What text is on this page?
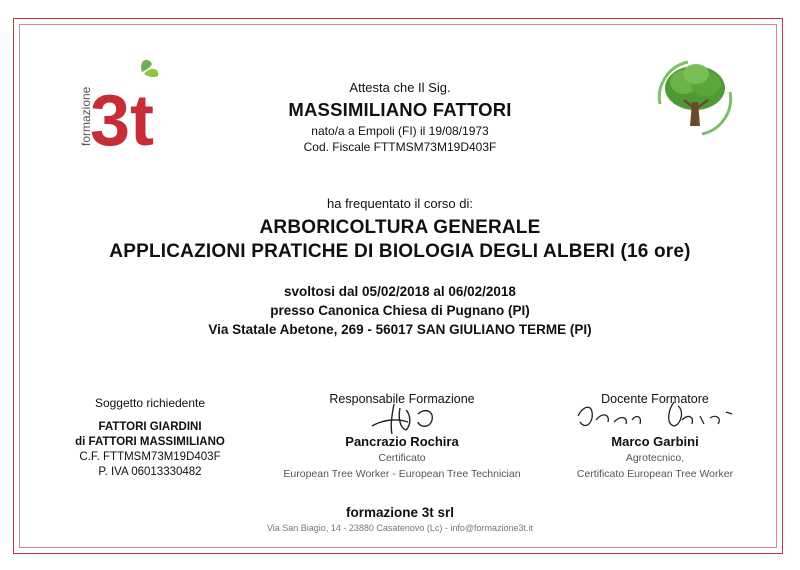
formazione
3t	Attesta che Il Sig.
MASSIMILIANO FATTORI
nato/a a Empoli (FI) il 19/08/1973
Cod. Fiscale FTTMSM73M19D403F
ha frequentato il corso di:
ARBORICOLTURA GENERALE
APPLICAZIONI PRATICHE DI BIOLOGIA DEGLI ALBERI (16 ore)
svoltosi dal 05/02/2018 al 06/02/2018
presso Canonica Chiesa di Pugnano (PI)
Via Statale Abetone, 269 - 56017 SAN GIULIANO TERME (PI)
Soggetto richiedente
FATTORI GIARDINI
di FATTORI MASSIMILIANO
C.F. FTTMSM73M19D403F
P. IVA 06013330482
Responsabile Formazione
Pancrazio Rochira
Certificato
European Tree Worker - European Tree Technician
Docente Formatore
Marco Garbini
Agrotecnico,
Certificato European Tree Worker
formazione 3t srl
Via San Biagio, 14 - 23880 Casatenovo (Lc) - info@formazione3t.it
